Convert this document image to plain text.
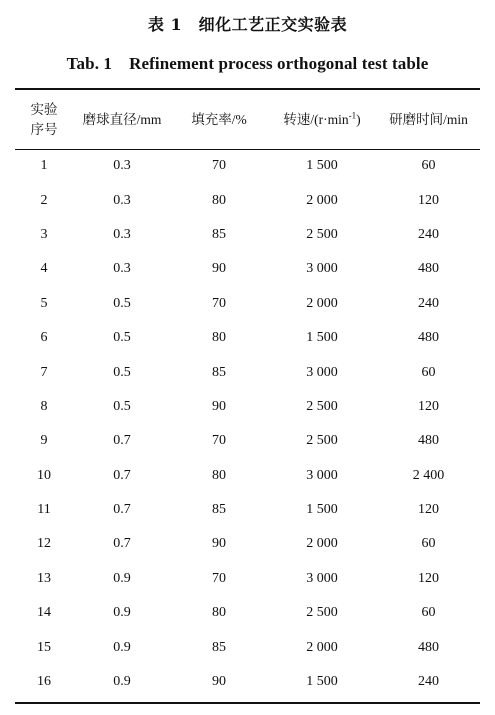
表 1　细化工艺正交实验表
Tab. 1　Refinement process orthogonal test table
实验
序号	磨球直径/mm	填充率/%	转速$/(r\cdot\min^{-1})$	研磨时间/min
1	0.3	70	1 500	60
2	0.3	80	2 000	120
3	0.3	85	2 500	240
4	0.3	90	3 000	480
5	0.5	70	2 000	240
6	0.5	80	1 500	480
7	0.5	85	3 000	60
8	0.5	90	2 500	120
9	0.7	70	2 500	480
10	0.7	80	3 000	2 400
11	0.7	85	1 500	120
12	0.7	90	2 000	60
13	0.9	70	3 000	120
14	0.9	80	2 500	60
15	0.9	85	2 000	480
16	0.9	90	1 500	240
